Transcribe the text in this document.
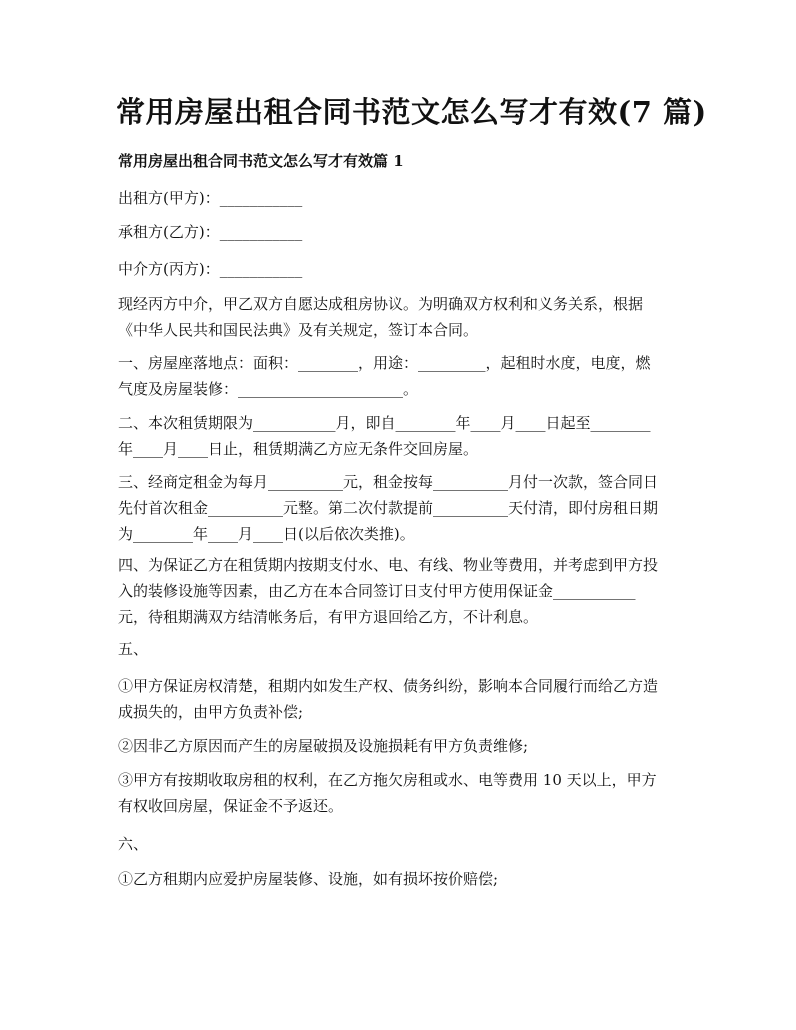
常用房屋出租合同书范文怎么写才有效(7 篇)
常用房屋出租合同书范文怎么写才有效篇 1

出租方(甲方)：___________

承租方(乙方)：___________

中介方(丙方)：___________

现经丙方中介，甲乙双方自愿达成租房协议。为明确双方权利和义务关系，根据
《中华人民共和国民法典》及有关规定，签订本合同。

一、房屋座落地点：面积：________，用途：_________，起租时水度，电度，燃
气度及房屋装修：______________________。

二、本次租赁期限为___________月，即自________年____月____日起至________
年____月____日止，租赁期满乙方应无条件交回房屋。

三、经商定租金为每月__________元，租金按每__________月付一次款，签合同日
先付首次租金__________元整。第二次付款提前__________天付清，即付房租日期
为________年____月____日(以后依次类推)。

四、为保证乙方在租赁期内按期支付水、电、有线、物业等费用，并考虑到甲方投
入的装修设施等因素，由乙方在本合同签订日支付甲方使用保证金___________
元，待租期满双方结清帐务后，有甲方退回给乙方，不计利息。

五、

①甲方保证房权清楚，租期内如发生产权、债务纠纷，影响本合同履行而给乙方造
成损失的，由甲方负责补偿;

②因非乙方原因而产生的房屋破损及设施损耗有甲方负责维修;

③甲方有按期收取房租的权利，在乙方拖欠房租或水、电等费用 10 天以上，甲方
有权收回房屋，保证金不予返还。

六、

①乙方租期内应爱护房屋装修、设施，如有损坏按价赔偿;
